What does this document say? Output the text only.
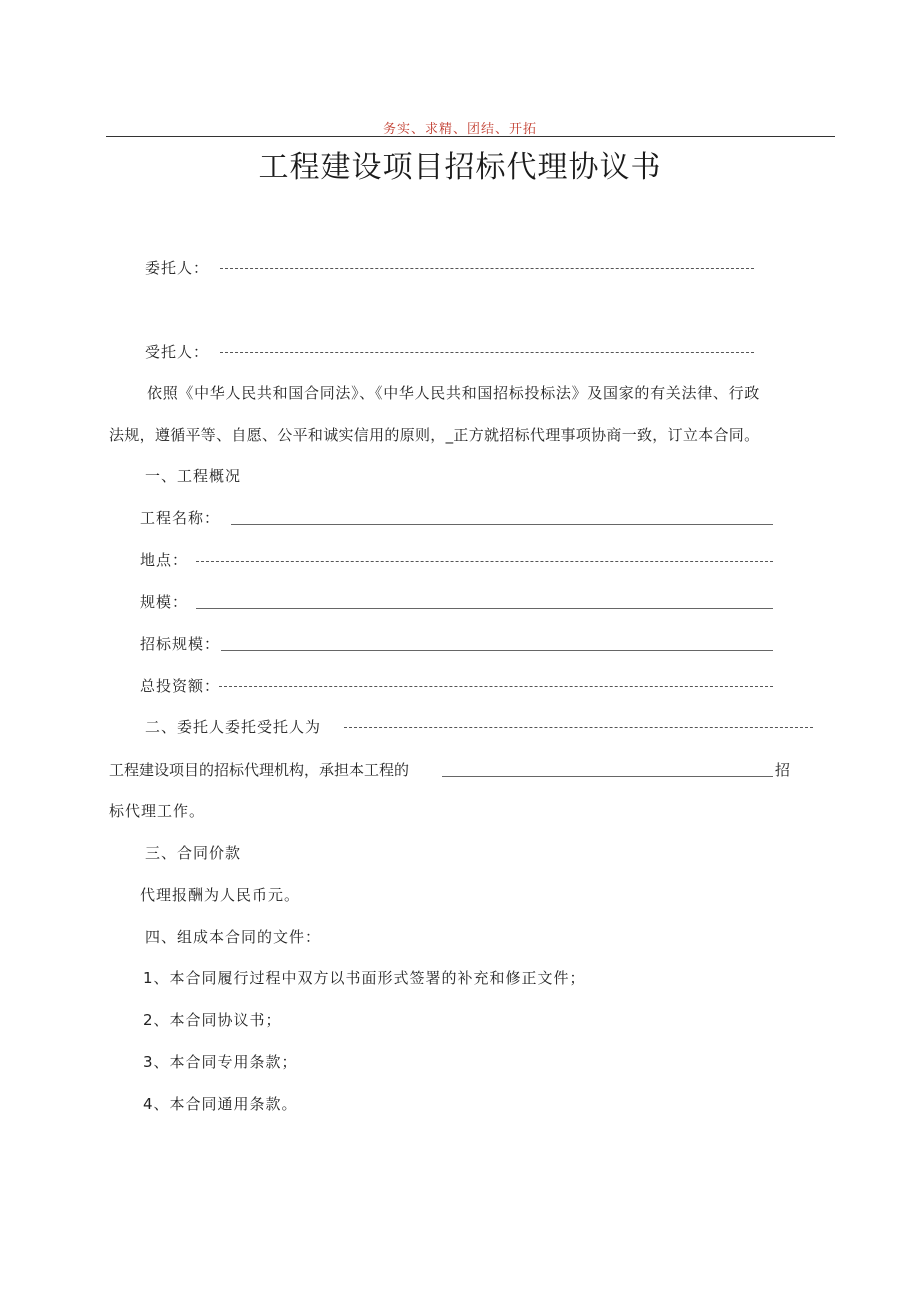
务实、求精、团结、开拓
工程建设项目招标代理协议书
委托人：
受托人：
依照《中华人民共和国合同法》、《中华人民共和国招标投标法》及国家的有关法律、行政
法规，遵循平等、自愿、公平和诚实信用的原则，_正方就招标代理事项协商一致，订立本合同。
一、工程概况
工程名称：
地点：
规模：
招标规模：
总投资额：
二、委托人委托受托人为
工程建设项目的招标代理机构，承担本工程的	招
标代理工作。
三、合同价款
代理报酬为人民币元。
四、组成本合同的文件：
1、本合同履行过程中双方以书面形式签署的补充和修正文件；
2、本合同协议书；
3、本合同专用条款；
4、本合同通用条款。
